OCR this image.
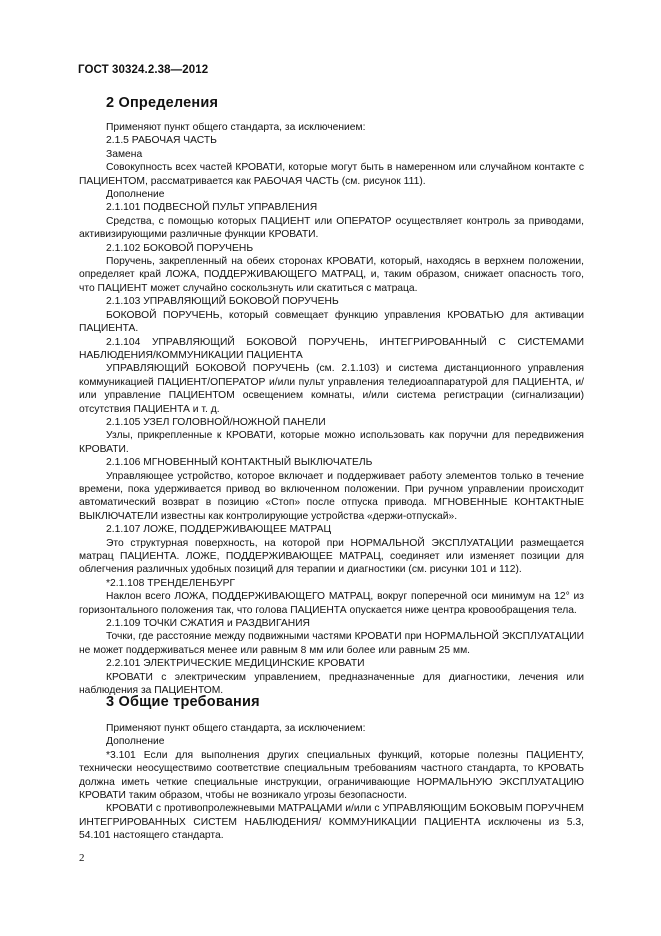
ГОСТ 30324.2.38—2012
2 Определения

Применяют пункт общего стандарта, за исключением:

2.1.5 РАБОЧАЯ ЧАСТЬ

Замена

Совокупность всех частей КРОВАТИ, которые могут быть в намеренном или случайном контакте с ПАЦИЕНТОМ, рассматривается как РАБОЧАЯ ЧАСТЬ (см. рисунок 111).

Дополнение

2.1.101 ПОДВЕСНОЙ ПУЛЬТ УПРАВЛЕНИЯ

Средства, с помощью которых ПАЦИЕНТ или ОПЕРАТОР осуществляет контроль за приводами, активизирующими различные функции КРОВАТИ.

2.1.102 БОКОВОЙ ПОРУЧЕНЬ

Поручень, закрепленный на обеих сторонах КРОВАТИ, который, находясь в верхнем положении, определяет край ЛОЖА, ПОДДЕРЖИВАЮЩЕГО МАТРАЦ, и, таким образом, снижает опасность того, что ПАЦИЕНТ может случайно соскользнуть или скатиться с матраца.

2.1.103 УПРАВЛЯЮЩИЙ БОКОВОЙ ПОРУЧЕНЬ

БОКОВОЙ ПОРУЧЕНЬ, который совмещает функцию управления КРОВАТЬЮ для активации ПАЦИЕНТА.

2.1.104 УПРАВЛЯЮЩИЙ БОКОВОЙ ПОРУЧЕНЬ, ИНТЕГРИРОВАННЫЙ С СИСТЕМАМИ НАБЛЮДЕНИЯ/КОММУНИКАЦИИ ПАЦИЕНТА

УПРАВЛЯЮЩИЙ БОКОВОЙ ПОРУЧЕНЬ (см. 2.1.103) и система дистанционного управления коммуникацией ПАЦИЕНТ/ОПЕРАТОР и/или пульт управления теледиоаппаратурой для ПАЦИЕНТА, и/или управление ПАЦИЕНТОМ освещением комнаты, и/или система регистрации (сигнализации) отсутствия ПАЦИЕНТА и т. д.

2.1.105 УЗЕЛ ГОЛОВНОЙ/НОЖНОЙ ПАНЕЛИ

Узлы, прикрепленные к КРОВАТИ, которые можно использовать как поручни для передвижения КРОВАТИ.

2.1.106 МГНОВЕННЫЙ КОНТАКТНЫЙ ВЫКЛЮЧАТЕЛЬ

Управляющее устройство, которое включает и поддерживает работу элементов только в течение времени, пока удерживается привод во включенном положении. При ручном управлении происходит автоматический возврат в позицию «Стоп» после отпуска привода. МГНОВЕННЫЕ КОНТАКТНЫЕ ВЫКЛЮЧАТЕЛИ известны как контролирующие устройства «держи-отпускай».

2.1.107 ЛОЖЕ, ПОДДЕРЖИВАЮЩЕЕ МАТРАЦ

Это структурная поверхность, на которой при НОРМАЛЬНОЙ ЭКСПЛУАТАЦИИ размещается матрац ПАЦИЕНТА. ЛОЖЕ, ПОДДЕРЖИВАЮЩЕЕ МАТРАЦ, соединяет или изменяет позиции для облегчения различных удобных позиций для терапии и диагностики (см. рисунки 101 и 112).

*2.1.108 ТРЕНДЕЛЕНБУРГ

Наклон всего ЛОЖА, ПОДДЕРЖИВАЮЩЕГО МАТРАЦ, вокруг поперечной оси минимум на 12° из горизонтального положения так, что голова ПАЦИЕНТА опускается ниже центра кровообращения тела.

2.1.109 ТОЧКИ СЖАТИЯ и РАЗДВИГАНИЯ

Точки, где расстояние между подвижными частями КРОВАТИ при НОРМАЛЬНОЙ ЭКСПЛУАТАЦИИ не может поддерживаться менее или равным 8 мм или более или равным 25 мм.

2.2.101 ЭЛЕКТРИЧЕСКИЕ МЕДИЦИНСКИЕ КРОВАТИ

КРОВАТИ с электрическим управлением, предназначенные для диагностики, лечения или наблюдения за ПАЦИЕНТОМ.

3 Общие требования

Применяют пункт общего стандарта, за исключением:

Дополнение

*3.101 Если для выполнения других специальных функций, которые полезны ПАЦИЕНТУ, технически неосуществимо соответствие специальным требованиям частного стандарта, то КРОВАТЬ должна иметь четкие специальные инструкции, ограничивающие НОРМАЛЬНУЮ ЭКСПЛУАТАЦИЮ КРОВАТИ таким образом, чтобы не возникало угрозы безопасности.

КРОВАТИ с противопролежневыми МАТРАЦАМИ и/или с УПРАВЛЯЮЩИМ БОКОВЫМ ПОРУЧНЕМ ИНТЕГРИРОВАННЫХ СИСТЕМ НАБЛЮДЕНИЯ/ КОММУНИКАЦИИ ПАЦИЕНТА исключены из 5.3, 54.101 настоящего стандарта.

2
